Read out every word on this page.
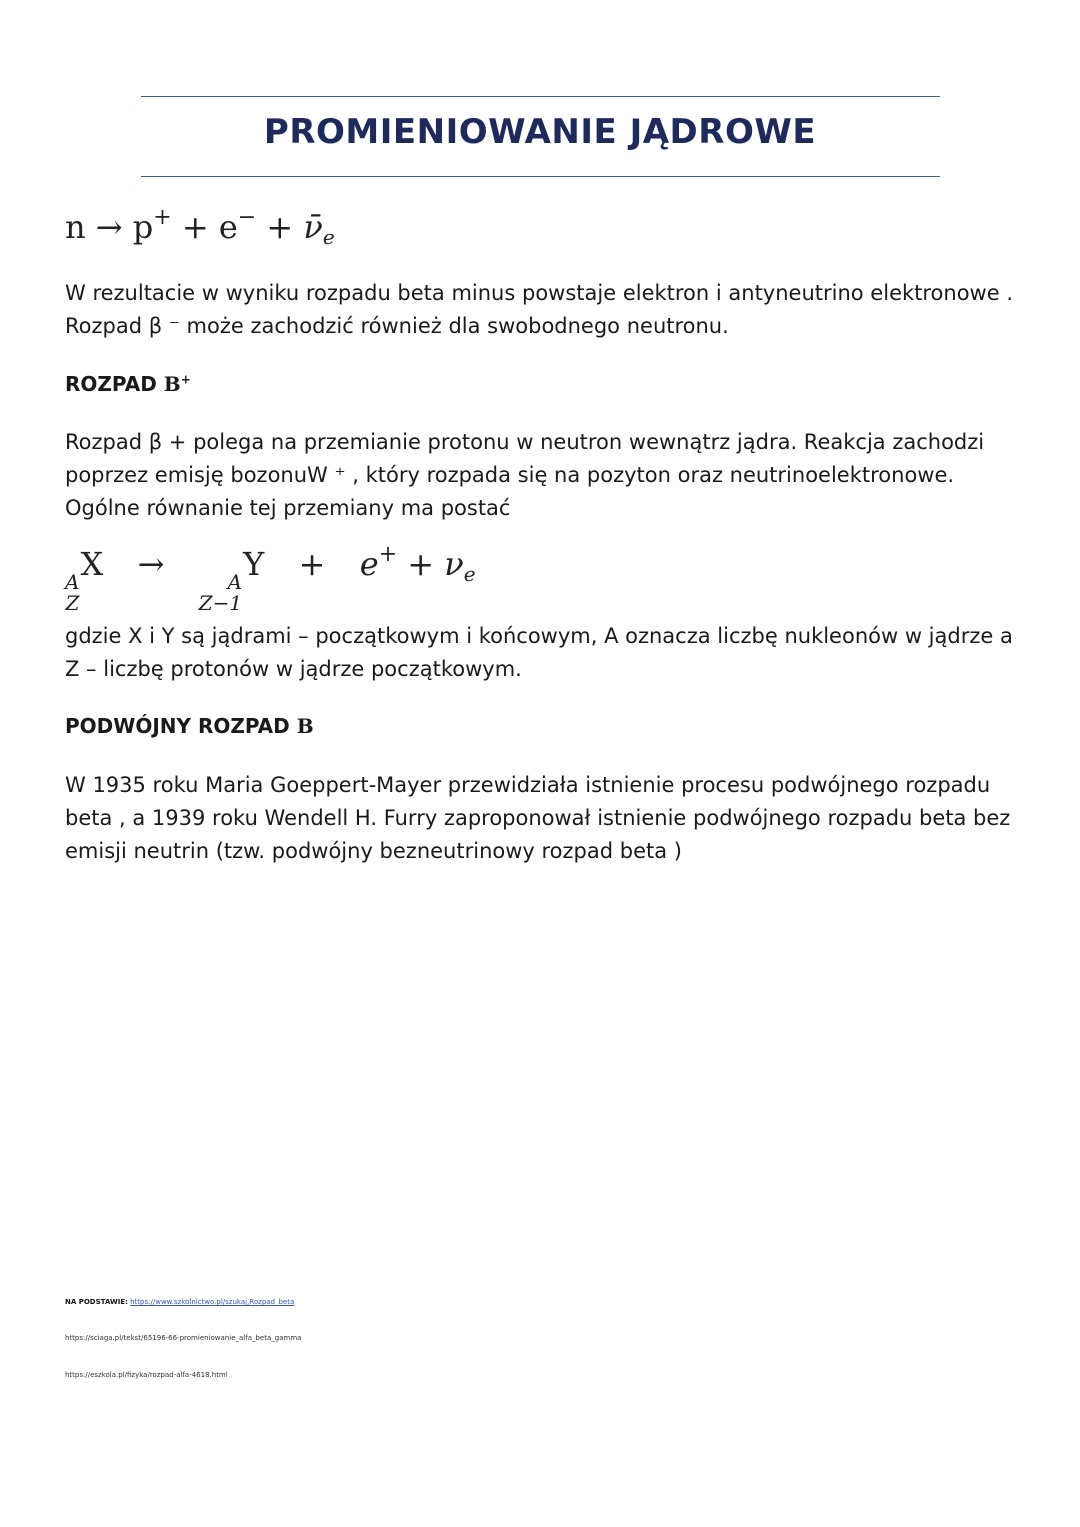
PROMIENIOWANIE JĄDROWE
$n \to p^+ + e^- + \nū_e$
W rezultacie w wyniku rozpadu beta minus powstaje elektron i antyneutrino elektronowe . Rozpad β ⁻ może zachodzić również dla swobodnego neutronu.
ROZPAD Β+
Rozpad β + polega na przemianie protonu w neutron wewnątrz jądra. Reakcja zachodzi poprzez emisję bozonuW ⁺ , który rozpada się na pozyton oraz neutrinoelektronowe. Ogólne równanie tej przemiany ma postać
A
Z
X →	A
Z−1
$Y + e^+ + \nu_e$
gdzie X i Y są jądrami – początkowym i końcowym, A oznacza liczbę nukleonów w jądrze a Z – liczbę protonów w jądrze początkowym.
PODWÓJNY ROZPAD Β
W 1935 roku Maria Goeppert-Mayer przewidziała istnienie procesu podwójnego rozpadu beta , a 1939 roku Wendell H. Furry zaproponował istnienie podwójnego rozpadu beta bez emisji neutrin (tzw. podwójny bezneutrinowy rozpad beta )
NA PODSTAWIE: https://www.szkolnictwo.pl/szukaj,Rozpad_beta
https://sciaga.pl/tekst/65196-66-promieniowanie_alfa_beta_gamma
https://eszkola.pl/fizyka/rozpad-alfa-4618.html
